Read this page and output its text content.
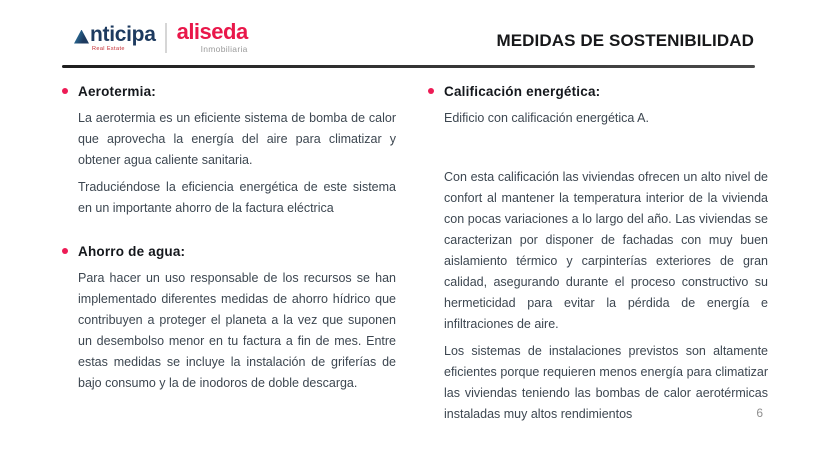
nticipa
Real Estate
aliseda
Inmobiliaria	MEDIDAS DE SOSTENIBILIDAD
Aerotermia:

La aerotermia es un eficiente sistema de bomba de calor que aprovecha la energía del aire para climatizar y obtener agua caliente sanitaria.

Traduciéndose la eficiencia energética de este sistema en un importante ahorro de la factura eléctrica

Ahorro de agua:

Para hacer un uso responsable de los recursos se han implementado diferentes medidas de ahorro hídrico que contribuyen a proteger el planeta a la vez que suponen un desembolso menor en tu factura a fin de mes. Entre estas medidas se incluye la instalación de griferías de bajo consumo y la de inodoros de doble descarga.

Calificación energética:

Edificio con calificación energética A.

Con esta calificación las viviendas ofrecen un alto nivel de confort al mantener la temperatura interior de la vivienda con pocas variaciones a lo largo del año. Las viviendas se caracterizan por disponer de fachadas con muy buen aislamiento térmico y carpinterías exteriores de gran calidad, asegurando durante el proceso constructivo su hermeticidad para evitar la pérdida de energía e infiltraciones de aire.

Los sistemas de instalaciones previstos son altamente eficientes porque requieren menos energía para climatizar las viviendas teniendo las bombas de calor aerotérmicas instaladas muy altos rendimientos	6
